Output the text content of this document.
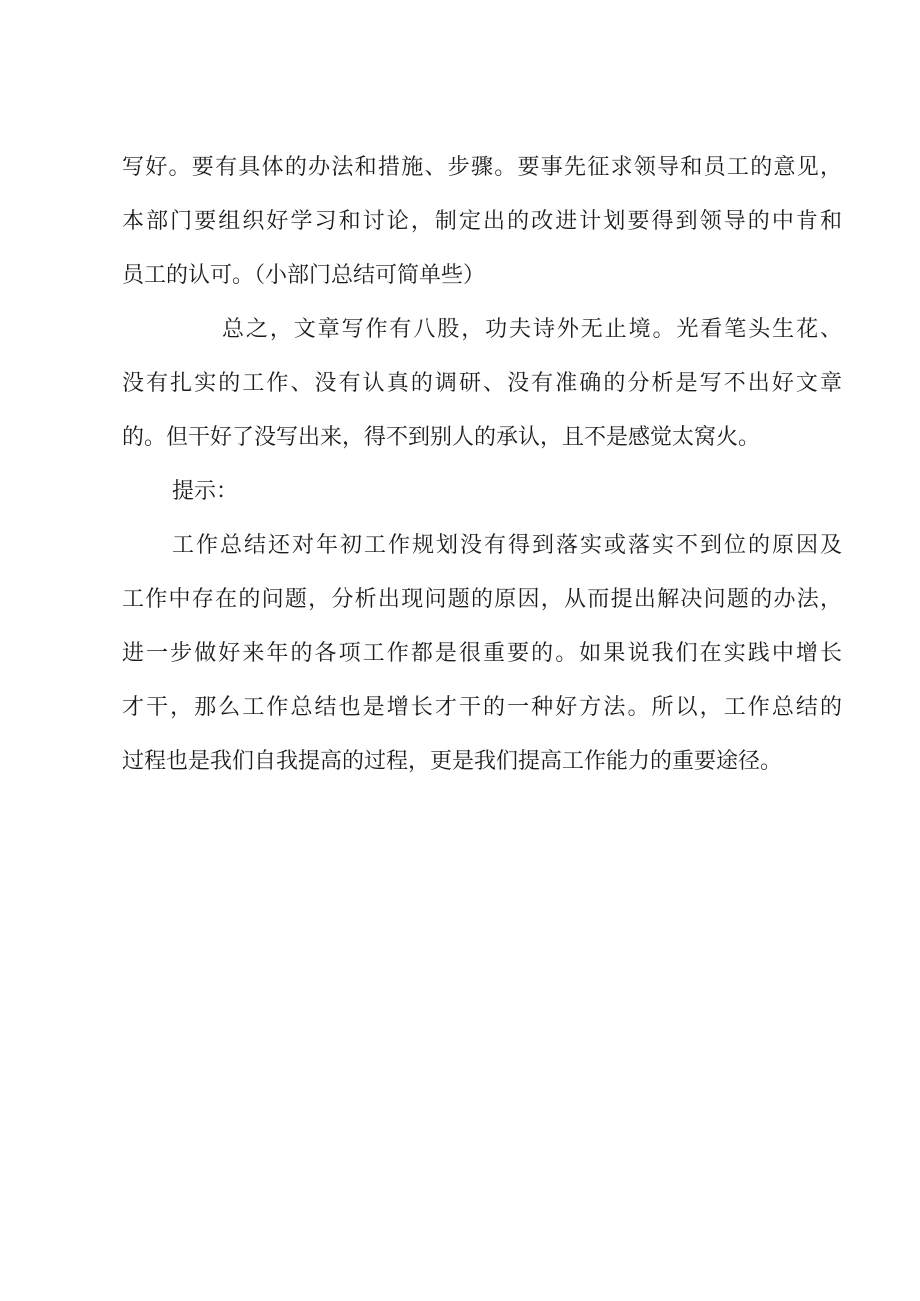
写好。要有具体的办法和措施、步骤。要事先征求领导和员工的意见，
本部门要组织好学习和讨论，制定出的改进计划要得到领导的中肯和
员工的认可。（小部门总结可简单些）
总之，文章写作有八股，功夫诗外无止境。光看笔头生花、
没有扎实的工作、没有认真的调研、没有准确的分析是写不出好文章
的。但干好了没写出来，得不到别人的承认，且不是感觉太窝火。
提示：
工作总结还对年初工作规划没有得到落实或落实不到位的原因及
工作中存在的问题，分析出现问题的原因，从而提出解决问题的办法，
进一步做好来年的各项工作都是很重要的。如果说我们在实践中增长
才干，那么工作总结也是增长才干的一种好方法。所以，工作总结的
过程也是我们自我提高的过程，更是我们提高工作能力的重要途径。
